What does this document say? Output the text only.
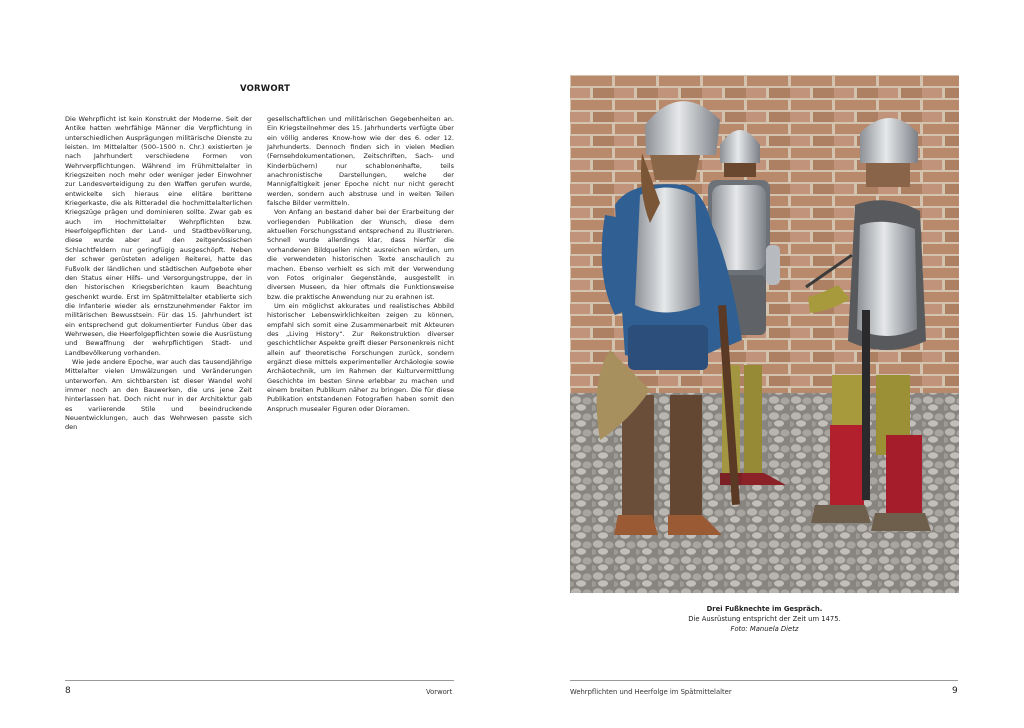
VORWORT

Die Wehrpflicht ist kein Konstrukt der Moderne. Seit der Antike hatten wehrfähige Männer die Verpflichtung in unterschiedlichen Ausprägungen militärische Dienste zu leisten. Im Mittelalter (500–1500 n. Chr.) existierten je nach Jahrhundert verschiedene Formen von Wehrverpflichtungen. Während im Frühmittelalter in Kriegszeiten noch mehr oder weniger jeder Einwohner zur Landesverteidigung zu den Waffen gerufen wurde, entwickelte sich hieraus eine elitäre berittene Kriegerkaste, die als Ritteradel die hochmittelalterlichen Kriegszüge prägen und dominieren sollte. Zwar gab es auch im Hochmittelalter Wehrpflichten bzw. Heerfolgepflichten der Land- und Stadtbevölkerung, diese wurde aber auf den zeitgenössischen Schlachtfeldern nur geringfügig ausgeschöpft. Neben der schwer gerüsteten adeligen Reiterei, hatte das Fußvolk der ländlichen und städtischen Aufgebote eher den Status einer Hilfs- und Versorgungstruppe, der in den historischen Kriegsberichten kaum Beachtung geschenkt wurde. Erst im Spätmittelalter etablierte sich die Infanterie wieder als ernstzunehmender Faktor im militärischen Bewusstsein. Für das 15. Jahrhundert ist ein entsprechend gut dokumentierter Fundus über das Wehrwesen, die Heerfolgepflichten sowie die Ausrüstung und Bewaffnung der wehrpflichtigen Stadt- und Landbevölkerung vorhanden.

Wie jede andere Epoche, war auch das tausendjährige Mittelalter vielen Umwälzungen und Veränderungen unterworfen. Am sichtbarsten ist dieser Wandel wohl immer noch an den Bauwerken, die uns jene Zeit hinterlassen hat. Doch nicht nur in der Architektur gab es variierende Stile und beeindruckende Neuentwicklungen, auch das Wehrwesen passte sich den

gesellschaftlichen und militärischen Gegebenheiten an. Ein Kriegsteilnehmer des 15. Jahrhunderts verfügte über ein völlig anderes Know-how wie der des 6. oder 12. Jahrhunderts. Dennoch finden sich in vielen Medien (Fernsehdokumentationen, Zeitschriften, Sach- und Kinderbüchern) nur schablonenhafte, teils anachronistische Darstellungen, welche der Mannigfaltigkeit jener Epoche nicht nur nicht gerecht werden, sondern auch abstruse und in weiten Teilen falsche Bilder vermitteln.

Von Anfang an bestand daher bei der Erarbeitung der vorliegenden Publikation der Wunsch, diese dem aktuellen Forschungsstand entsprechend zu illustrieren. Schnell wurde allerdings klar, dass hierfür die vorhandenen Bildquellen nicht ausreichen würden, um die verwendeten historischen Texte anschaulich zu machen. Ebenso verhielt es sich mit der Verwendung von Fotos originaler Gegenstände, ausgestellt in diversen Museen, da hier oftmals die Funktionsweise bzw. die praktische Anwendung nur zu erahnen ist.

Um ein möglichst akkurates und realistisches Abbild historischer Lebenswirklichkeiten zeigen zu können, empfahl sich somit eine Zusammenarbeit mit Akteuren des „Living History“. Zur Rekonstruktion diverser geschichtlicher Aspekte greift dieser Personenkreis nicht allein auf theoretische Forschungen zurück, sondern ergänzt diese mittels experimenteller Archäologie sowie Archäotechnik, um im Rahmen der Kulturvermittlung Geschichte im besten Sinne erlebbar zu machen und einem breiten Publikum näher zu bringen. Die für diese Publikation entstandenen Fotografien haben somit den Anspruch musealer Figuren oder Dioramen.

8	Vorwort
Drei Fußknechte im Gespräch.
Die Ausrüstung entspricht der Zeit um 1475.
Foto: Manuela Dietz
Wehrpflichten und Heerfolge im Spätmittelalter	9
